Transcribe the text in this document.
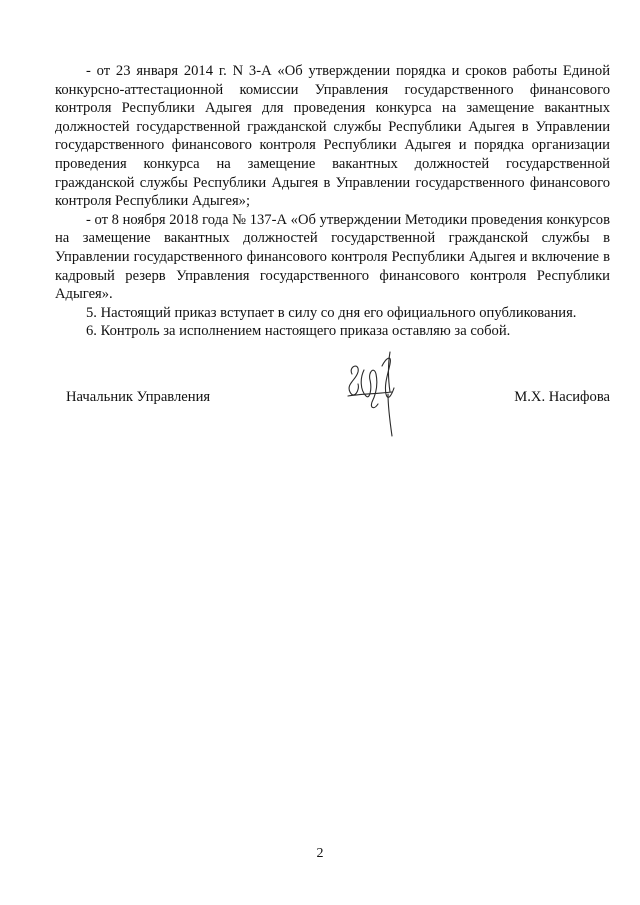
- от 23 января 2014 г. N 3-А «Об утверждении порядка и сроков работы Единой конкурсно-аттестационной комиссии Управления государственного финансового контроля Республики Адыгея для проведения конкурса на замещение вакантных должностей государственной гражданской службы Республики Адыгея в Управлении государственного финансового контроля Республики Адыгея и порядка организации проведения конкурса на замещение вакантных должностей государственной гражданской службы Республики Адыгея в Управлении государственного финансового контроля Республики Адыгея»;

- от 8 ноября 2018 года № 137-А «Об утверждении Методики проведения конкурсов на замещение вакантных должностей государственной гражданской службы в Управлении государственного финансового контроля Республики Адыгея и включение в кадровый резерв Управления государственного финансового контроля Республики Адыгея».

5. Настоящий приказ вступает в силу со дня его официального опубликования.

6. Контроль за исполнением настоящего приказа оставляю за собой.

Начальник Управления	М.Х. Насифова
2
